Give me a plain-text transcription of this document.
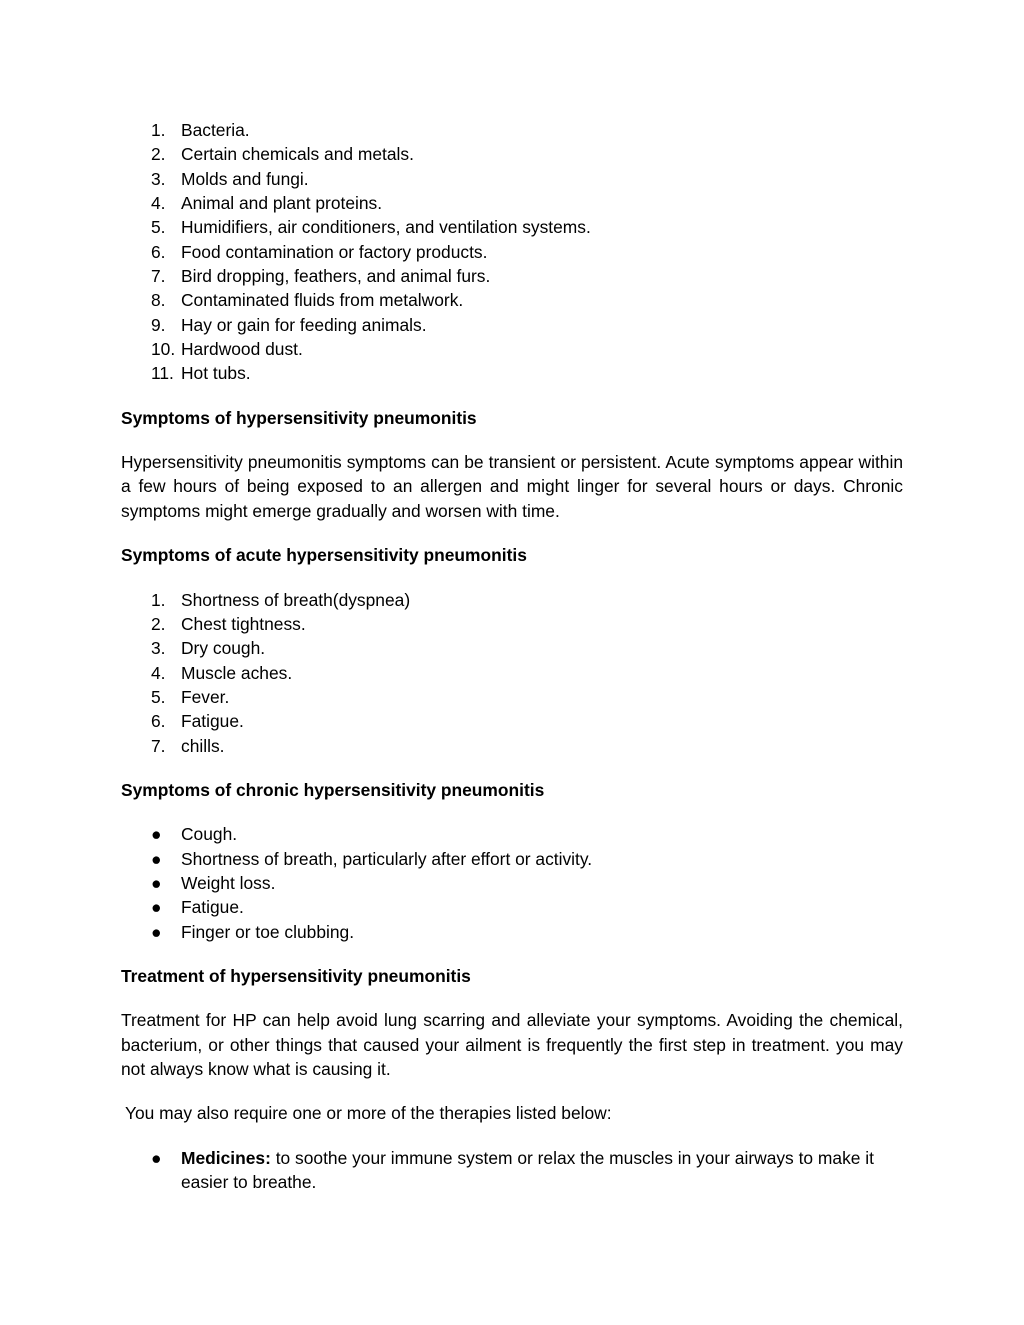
1. Bacteria.
2. Certain chemicals and metals.
3. Molds and fungi.
4. Animal and plant proteins.
5. Humidifiers, air conditioners, and ventilation systems.
6. Food contamination or factory products.
7. Bird dropping, feathers, and animal furs.
8. Contaminated fluids from metalwork.
9. Hay or gain for feeding animals.
10. Hardwood dust.
11. Hot tubs.
Symptoms of hypersensitivity pneumonitis

Hypersensitivity pneumonitis symptoms can be transient or persistent. Acute symptoms appear within a few hours of being exposed to an allergen and might linger for several hours or days. Chronic symptoms might emerge gradually and worsen with time.

Symptoms of acute hypersensitivity pneumonitis
1. Shortness of breath(dyspnea)
2. Chest tightness.
3. Dry cough.
4. Muscle aches.
5. Fever.
6. Fatigue.
7. chills.
Symptoms of chronic hypersensitivity pneumonitis
● Cough.
● Shortness of breath, particularly after effort or activity.
● Weight loss.
● Fatigue.
● Finger or toe clubbing.
Treatment of hypersensitivity pneumonitis

Treatment for HP can help avoid lung scarring and alleviate your symptoms. Avoiding the chemical, bacterium, or other things that caused your ailment is frequently the first step in treatment. you may not always know what is causing it.

You may also require one or more of the therapies listed below:

● Medicines: to soothe your immune system or relax the muscles in your airways to make it easier to breathe.
